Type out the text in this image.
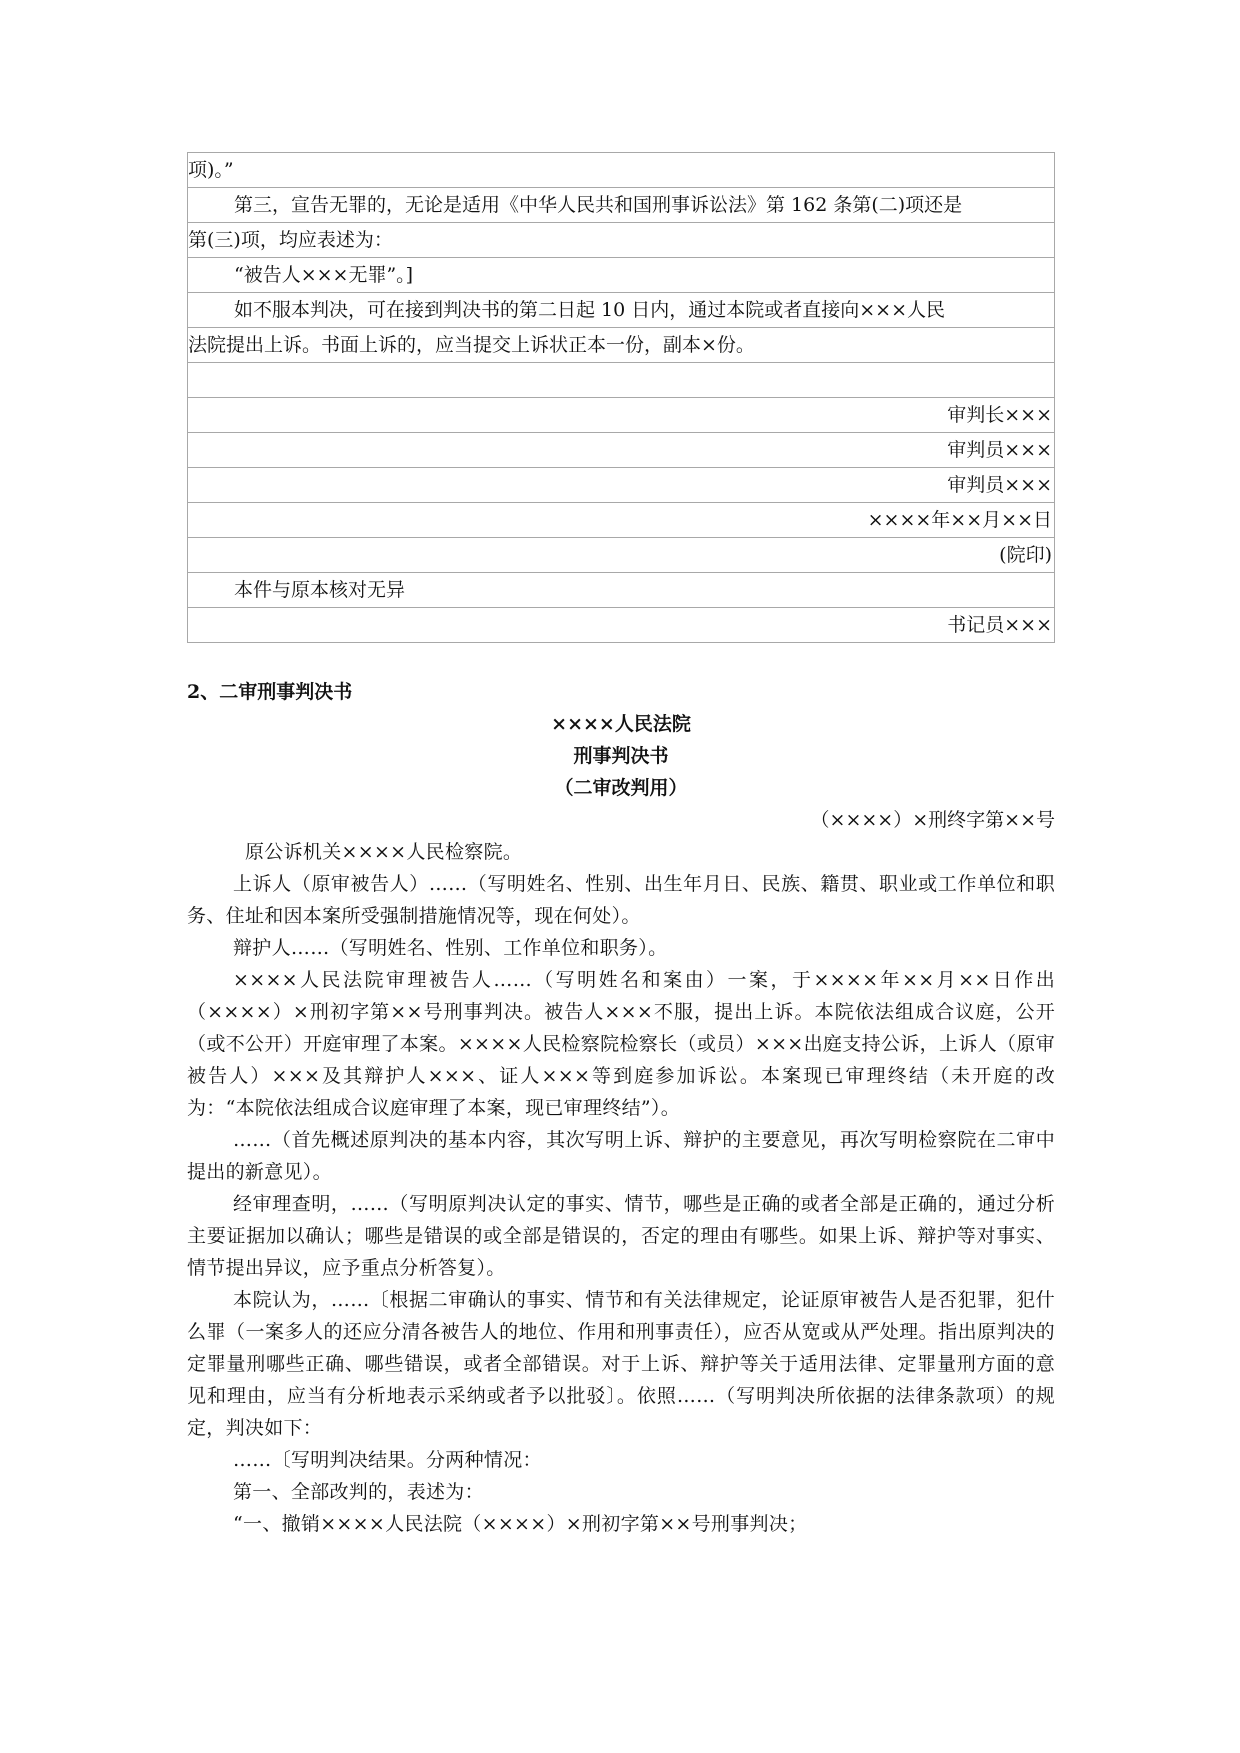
项)。”
第三，宣告无罪的，无论是适用《中华人民共和国刑事诉讼法》第 162 条第(二)项还是
第(三)项，均应表述为：
“被告人×××无罪”。]
如不服本判决，可在接到判决书的第二日起 10 日内，通过本院或者直接向×××人民
法院提出上诉。书面上诉的，应当提交上诉状正本一份，副本×份。
审判长×××
审判员×××
审判员×××
××××年××月××日
(院印)
本件与原本核对无异
书记员×××

2、二审刑事判决书

××××人民法院

刑事判决书

（二审改判用）

（××××）×刑终字第××号

原公诉机关××××人民检察院。

上诉人（原审被告人）……（写明姓名、性别、出生年月日、民族、籍贯、职业或工作单位和职务、住址和因本案所受强制措施情况等，现在何处）。

辩护人……（写明姓名、性别、工作单位和职务）。

××××人民法院审理被告人……（写明姓名和案由）一案，于××××年××月××日作出（××××）×刑初字第××号刑事判决。被告人×××不服，提出上诉。本院依法组成合议庭，公开（或不公开）开庭审理了本案。××××人民检察院检察长（或员）×××出庭支持公诉，上诉人（原审被告人）×××及其辩护人×××、证人×××等到庭参加诉讼。本案现已审理终结（未开庭的改为：“本院依法组成合议庭审理了本案，现已审理终结”）。

……（首先概述原判决的基本内容，其次写明上诉、辩护的主要意见，再次写明检察院在二审中提出的新意见）。

经审理查明，……（写明原判决认定的事实、情节，哪些是正确的或者全部是正确的，通过分析主要证据加以确认；哪些是错误的或全部是错误的，否定的理由有哪些。如果上诉、辩护等对事实、情节提出异议，应予重点分析答复）。

本院认为，……〔根据二审确认的事实、情节和有关法律规定，论证原审被告人是否犯罪，犯什么罪（一案多人的还应分清各被告人的地位、作用和刑事责任），应否从宽或从严处理。指出原判决的定罪量刑哪些正确、哪些错误，或者全部错误。对于上诉、辩护等关于适用法律、定罪量刑方面的意见和理由，应当有分析地表示采纳或者予以批驳〕。依照……（写明判决所依据的法律条款项）的规定，判决如下：

……〔写明判决结果。分两种情况：

第一、全部改判的，表述为：

“一、撤销××××人民法院（××××）×刑初字第××号刑事判决；
